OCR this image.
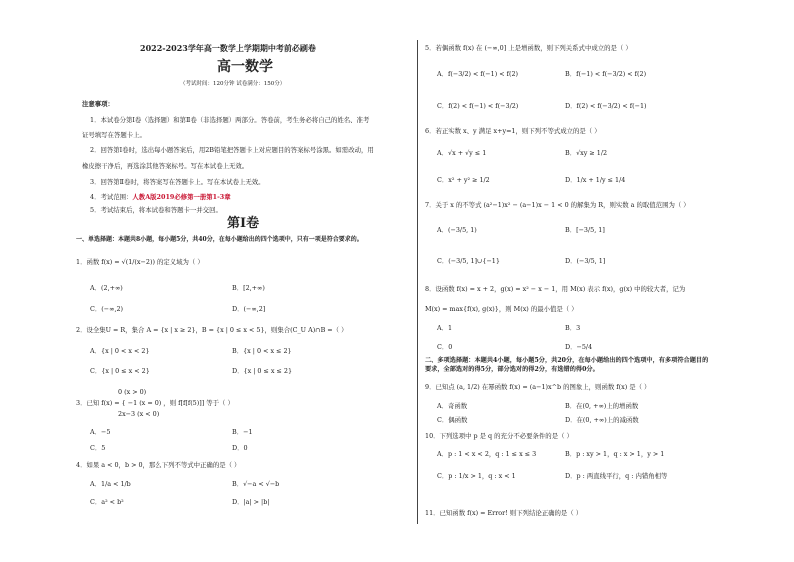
2022-2023学年高一数学上学期期中考前必刷卷
高一数学
（考试时间：120分钟 试卷满分：150分）
注意事项：
1．本试卷分第Ⅰ卷（选择题）和第Ⅱ卷（非选择题）两部分。答卷前，考生务必将自己的姓名、准考
证号填写在答题卡上。
2．回答第Ⅰ卷时，选出每小题答案后，用2B铅笔把答题卡上对应题目的答案标号涂黑。如需改动，用
橡皮擦干净后，再选涂其他答案标号。写在本试卷上无效。
3．回答第Ⅱ卷时，将答案写在答题卡上。写在本试卷上无效。
4．考试范围：人教A版2019必修第一册第1-3章
5．考试结束后，将本试卷和答题卡一并交回。
第Ⅰ卷
一、单选择题：本题共8小题，每小题5分，共40分，在每小题给出的四个选项中，只有一项是符合要求的。
1．函数 f(x) = √(1/(x−2)) 的定义域为（ ）
A．(2,+∞)	B．[2,+∞)
C．(−∞,2)	D．(−∞,2]
2．设全集U = R，集合 A = {x | x ≥ 2}，B = {x | 0 ≤ x < 5}，则集合(C_U A)∩B =（ ）
A．{x | 0 < x < 2}	B．{x | 0 < x ≤ 2}
C．{x | 0 ≤ x < 2}	D．{x | 0 ≤ x ≤ 2}
0 (x > 0)
3．已知 f(x) = { −1 (x = 0) ，则 f[f[f(5)]] 等于（ ）
2x−3 (x < 0)
A．−5	B．−1
C．5	D．0
4．如果 a < 0，b > 0，那么下列不等式中正确的是（ ）
A．1/a < 1/b	B．√−a < √−b
C．a² < b²	D．|a| > |b|
5．若偶函数 f(x) 在 (−∞,0] 上是增函数，则下列关系式中成立的是（ ）
A．f(−3/2) < f(−1) < f(2)	B．f(−1) < f(−3/2) < f(2)
C．f(2) < f(−1) < f(−3/2)	D．f(2) < f(−3/2) < f(−1)
6．若正实数 x、y 满足 x+y=1，则下列不等式成立的是（ ）
A．√x + √y ≤ 1	B．√xy ≥ 1/2
C．x² + y² ≥ 1/2	D．1/x + 1/y ≤ 1/4
7．关于 x 的不等式 (a²−1)x² − (a−1)x − 1 < 0 的解集为 R，则实数 a 的取值范围为（ ）
A．(−3/5, 1)	B．[−3/5, 1]
C．(−3/5, 1]∪{−1}	D．(−3/5, 1]
8．设函数 f(x) = x + 2，g(x) = x² − x − 1，用 M(x) 表示 f(x)，g(x) 中的较大者，记为
M(x) = max{f(x), g(x)}，则 M(x) 的最小值是（ ）
A．1	B．3
C．0	D．−5/4
二、多项选择题：本题共4小题，每小题5分，共20分，在每小题给出的四个选项中，有多项符合题目的
要求，全部选对的得5分，部分选对的得2分，有选错的得0分。
9．已知点 (a, 1/2) 在幂函数 f(x) = (a−1)x^b 的图象上，则函数 f(x) 是（ ）
A．奇函数	B．在(0, +∞)上的增函数
C．偶函数	D．在(0, +∞)上的减函数
10．下列选项中 p 是 q 的充分不必要条件的是（ ）
A．p : 1 < x < 2，q : 1 ≤ x ≤ 3	B．p : xy > 1，q : x > 1，y > 1
C．p : 1/x > 1，q : x < 1	D．p : 两直线平行，q : 内错角相等
11．已知函数 f(x) = Error! 则下列结论正确的是（ ）
